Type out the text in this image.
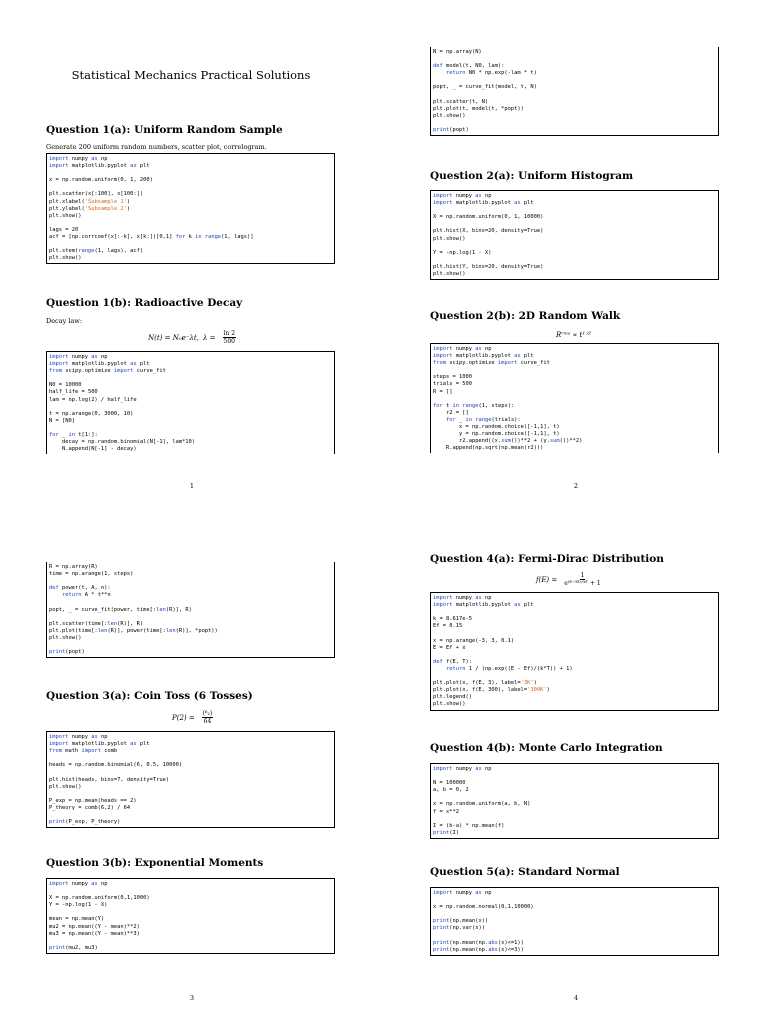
Statistical Mechanics Practical Solutions
Question 1(a): Uniform Random Sample
Generate 200 uniform random numbers, scatter plot, correlogram.
import numpy as np
import matplotlib.pyplot as plt

x = np.random.uniform(0, 1, 200)

plt.scatter(x[:100], x[100:])
plt.xlabel('Subsample 1')
plt.ylabel('Subsample 2')
plt.show()

lags = 20
acf = [np.corrcoef(x[:-k], x[k:])[0,1] for k in range(1, lags)]

plt.stem(range(1, lags), acf)
plt.show()
Question 1(b): Radioactive Decay
Decay law:
N(t) = N₀e⁻λt, $\lambda = \frac{\ln 2}{500}$
import numpy as np
import matplotlib.pyplot as plt
from scipy.optimize import curve_fit

N0 = 10000
half_life = 500
lam = np.log(2) / half_life

t = np.arange(0, 3000, 10)
N = [N0]

for _ in t[1:]:
decay = np.random.binomial(N[-1], lam*10)
N.append(N[-1] - decay)
1
N = np.array(N)

def model(t, N0, lam):
return N0 * np.exp(-lam * t)

popt, _ = curve_fit(model, t, N)

plt.scatter(t, N)
plt.plot(t, model(t, *popt))
plt.show()

print(popt)
Question 2(a): Uniform Histogram
import numpy as np
import matplotlib.pyplot as plt

X = np.random.uniform(0, 1, 10000)

plt.hist(X, bins=20, density=True)
plt.show()

Y = -np.log(1 - X)

plt.hist(Y, bins=20, density=True)
plt.show()
Question 2(b): 2D Random Walk
Rʳᵐˢ ∝ t¹ᐟ²
import numpy as np
import matplotlib.pyplot as plt
from scipy.optimize import curve_fit

steps = 1000
trials = 500
R = []

for t in range(1, steps):
r2 = []
for _ in range(trials):
x = np.random.choice([-1,1], t)
y = np.random.choice([-1,1], t)
r2.append((x.sum())**2 + (y.sum())**2)
R.append(np.sqrt(np.mean(r2)))
2
R = np.array(R)
time = np.arange(1, steps)

def power(t, A, n):
return A * t**n

popt, _ = curve_fit(power, time[:len(R)], R)

plt.scatter(time[:len(R)], R)
plt.plot(time[:len(R)], power(time[:len(R)], *popt))
plt.show()

print(popt)
Question 3(a): Coin Toss (6 Tosses)
$P(2) = \frac{\text{(⁶₂)}}{64}$
import numpy as np
import matplotlib.pyplot as plt
from math import comb

heads = np.random.binomial(6, 0.5, 10000)

plt.hist(heads, bins=7, density=True)
plt.show()

P_exp = np.mean(heads == 2)
P_theory = comb(6,2) / 64

print(P_exp, P_theory)
Question 3(b): Exponential Moments
import numpy as np

X = np.random.uniform(0,1,1000)
Y = -np.log(1 - X)

mean = np.mean(Y)
mu2 = np.mean((Y - mean)**2)
mu3 = np.mean((Y - mean)**3)

print(mu2, mu3)
3
Question 4(a): Fermi-Dirac Distribution
$f(E) = \frac{1}{\text{e⁽ᴱ⁻ᴱᶠ⁾ᐟᵏᵀ + 1}}$
import numpy as np
import matplotlib.pyplot as plt

k = 8.617e-5
Ef = 0.15

x = np.arange(-3, 3, 0.1)
E = Ef + x

def f(E, T):
return 1 / (np.exp((E - Ef)/(k*T)) + 1)

plt.plot(x, f(E, 3), label='3K')
plt.plot(x, f(E, 300), label='300K')
plt.legend()
plt.show()
Question 4(b): Monte Carlo Integration
import numpy as np

N = 100000
a, b = 0, 2

x = np.random.uniform(a, b, N)
f = x**2

I = (b-a) * np.mean(f)
print(I)
Question 5(a): Standard Normal
import numpy as np

x = np.random.normal(0,1,10000)

print(np.mean(x))
print(np.var(x))

print(np.mean(np.abs(x)<=1))
print(np.mean(np.abs(x)<=3))
4
